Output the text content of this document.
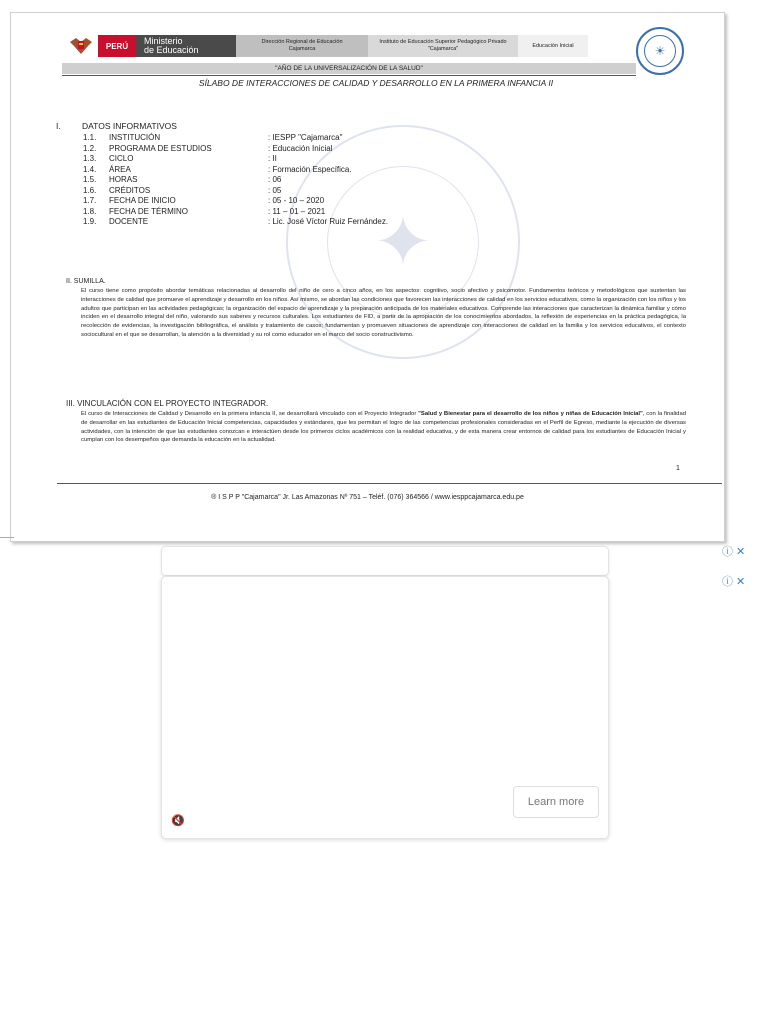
PERÚ	Ministerio
de Educación
Dirección Regional de Educación
Cajamarca
Instituto de Educación Superior Pedagógico Privado
"Cajamarca"	Educación Inicial	☀
"AÑO DE LA UNIVERSALIZACIÓN DE LA SALUD"
SÍLABO DE INTERACCIONES DE CALIDAD Y DESARROLLO EN LA PRIMERA INFANCIA II
✦
I.	DATOS INFORMATIVOS
1.1.	INSTITUCIÓN	: IESPP "Cajamarca"
1.2.	PROGRAMA DE ESTUDIOS	: Educación Inicial
1.3.	CICLO	: II
1.4.	ÁREA	: Formación Específica.
1.5.	HORAS	: 06
1.6.	CRÉDITOS	: 05
1.7.	FECHA DE INICIO	: 05 - 10 – 2020
1.8.	FECHA DE TÉRMINO	: 11 – 01 – 2021
1.9.	DOCENTE	: Lic. José Víctor Ruiz Fernández.
II. SUMILLA.
El curso tiene como propósito abordar temáticas relacionadas al desarrollo del niño de cero a cinco años, en los aspectos: cognitivo, socio afectivo y psicomotor. Fundamentos teóricos y metodológicos que sustentan las interacciones de calidad que promueve el aprendizaje y desarrollo en los niños. Así mismo, se abordan las condiciones que favorecen las interacciones de calidad en los servicios educativos, como la organización con los niños y los adultos que participan en las actividades pedagógicas; la organización del espacio de aprendizaje y la preparación anticipada de los materiales educativos. Comprende las interacciones que caracterizan la dinámica familiar y cómo inciden en el desarrollo integral del niño, valorando sus saberes y recursos culturales. Los estudiantes de FID, a partir de la apropiación de los conocimientos abordados, la reflexión de experiencias en la práctica pedagógica, la recolección de evidencias, la investigación bibliográfica, el análisis y tratamiento de casos; fundamentan y promueven situaciones de aprendizaje con interacciones de calidad en la familia y los servicios educativos, el contexto sociocultural en el que se desarrollan, la atención a la diversidad y su rol como educador en el marco del socio constructivismo.
III. VINCULACIÓN CON EL PROYECTO INTEGRADOR.
El curso de Interacciones de Calidad y Desarrollo en la primera infancia II, se desarrollará vinculado con el Proyecto Integrador "Salud y Bienestar para el desarrollo de los niños y niñas de Educación Inicial", con la finalidad de desarrollar en las estudiantes de Educación Inicial competencias, capacidades y estándares, que les permitan el logro de las competencias profesionales consideradas en el Perfil de Egreso, mediante la ejecución de diversas actividades, con la intención de que las estudiantes conozcan e interactúen desde los primeros ciclos académicos con la realidad educativa, y de esta manera crear entornos de calidad para los estudiantes de Educación Inicial y cumplan con los desempeños que demanda la educación en la actualidad.
1
® I S P P "Cajamarca" Jr. Las Amazonas Nº 751 – Teléf. (076) 364566 / www.iesppcajamarca.edu.pe
🔇
Learn more
ⓘ ✕
ⓘ ✕
